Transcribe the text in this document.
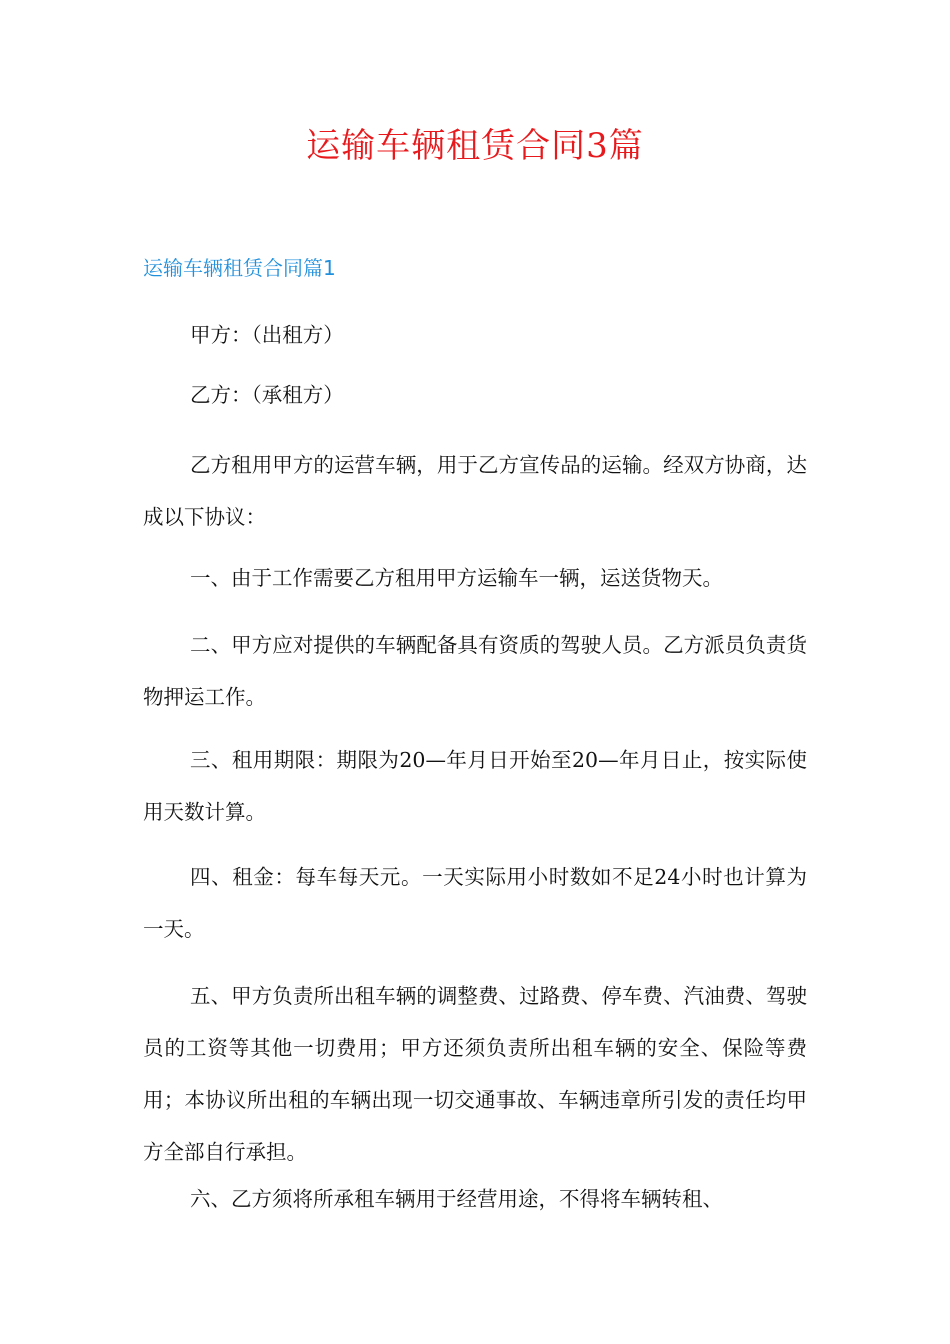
运输车辆租赁合同3篇
运输车辆租赁合同篇1

甲方：（出租方）

乙方：（承租方）

乙方租用甲方的运营车辆，用于乙方宣传品的运输。经双方协商，达成以下协议：

一、由于工作需要乙方租用甲方运输车一辆，运送货物天。

二、甲方应对提供的车辆配备具有资质的驾驶人员。乙方派员负责货物押运工作。

三、租用期限：期限为20—年月日开始至20—年月日止，按实际使用天数计算。

四、租金：每车每天元。一天实际用小时数如不足24小时也计算为一天。

五、甲方负责所出租车辆的调整费、过路费、停车费、汽油费、驾驶员的工资等其他一切费用；甲方还须负责所出租车辆的安全、保险等费用；本协议所出租的车辆出现一切交通事故、车辆违章所引发的责任均甲方全部自行承担。

六、乙方须将所承租车辆用于经营用途，不得将车辆转租、
